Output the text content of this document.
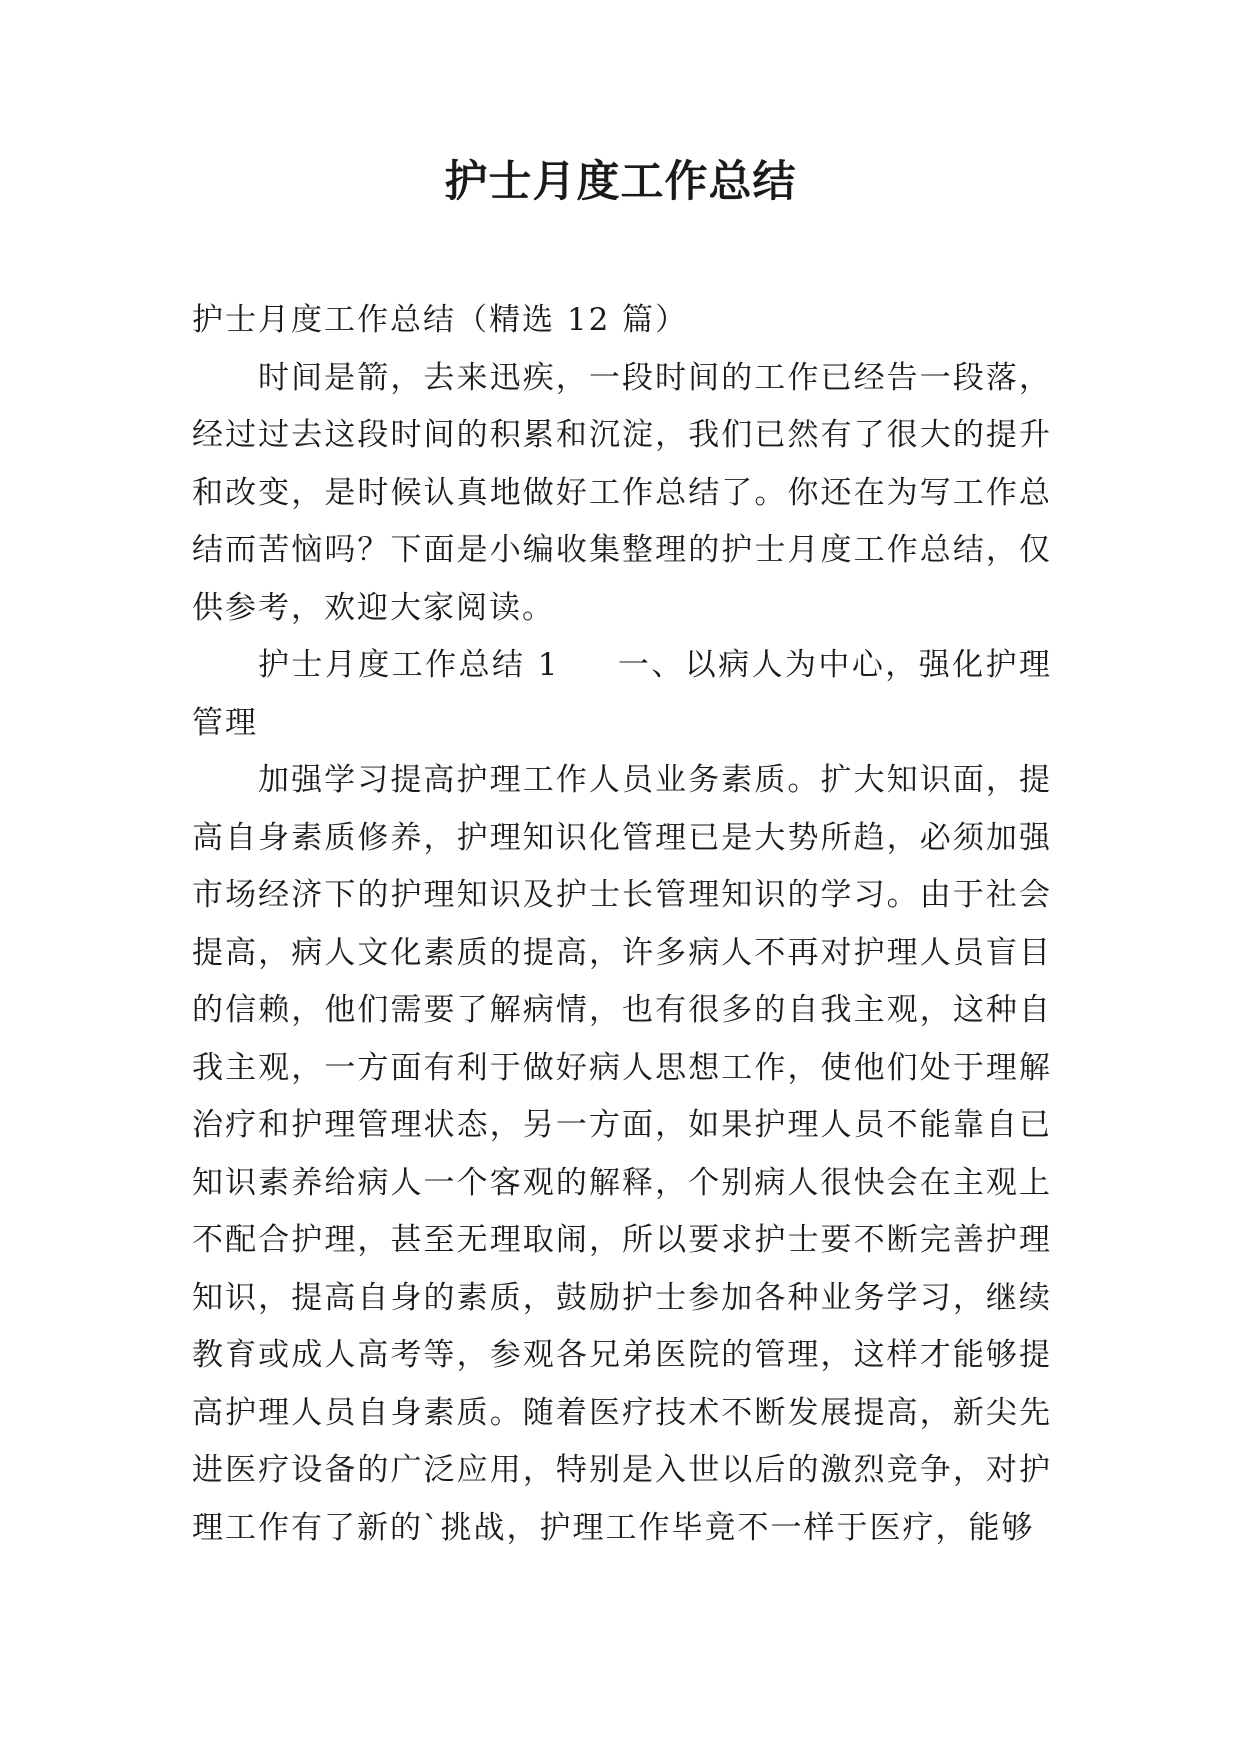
护士月度工作总结

护士月度工作总结（精选 12 篇）

时间是箭，去来迅疾，一段时间的工作已经告一段落，经过过去这段时间的积累和沉淀，我们已然有了很大的提升和改变，是时候认真地做好工作总结了。你还在为写工作总结而苦恼吗？下面是小编收集整理的护士月度工作总结，仅供参考，欢迎大家阅读。

护士月度工作总结 1 一、以病人为中心，强化护理管理

加强学习提高护理工作人员业务素质。扩大知识面，提高自身素质修养，护理知识化管理已是大势所趋，必须加强市场经济下的护理知识及护士长管理知识的学习。由于社会提高，病人文化素质的提高，许多病人不再对护理人员盲目的信赖，他们需要了解病情，也有很多的自我主观，这种自我主观，一方面有利于做好病人思想工作，使他们处于理解治疗和护理管理状态，另一方面，如果护理人员不能靠自已知识素养给病人一个客观的解释，个别病人很快会在主观上不配合护理，甚至无理取闹，所以要求护士要不断完善护理知识，提高自身的素质，鼓励护士参加各种业务学习，继续教育或成人高考等，参观各兄弟医院的管理，这样才能够提高护理人员自身素质。随着医疗技术不断发展提高，新尖先进医疗设备的广泛应用，特别是入世以后的激烈竞争，对护理工作有了新的`挑战，护理工作毕竟不一样于医疗，能够
